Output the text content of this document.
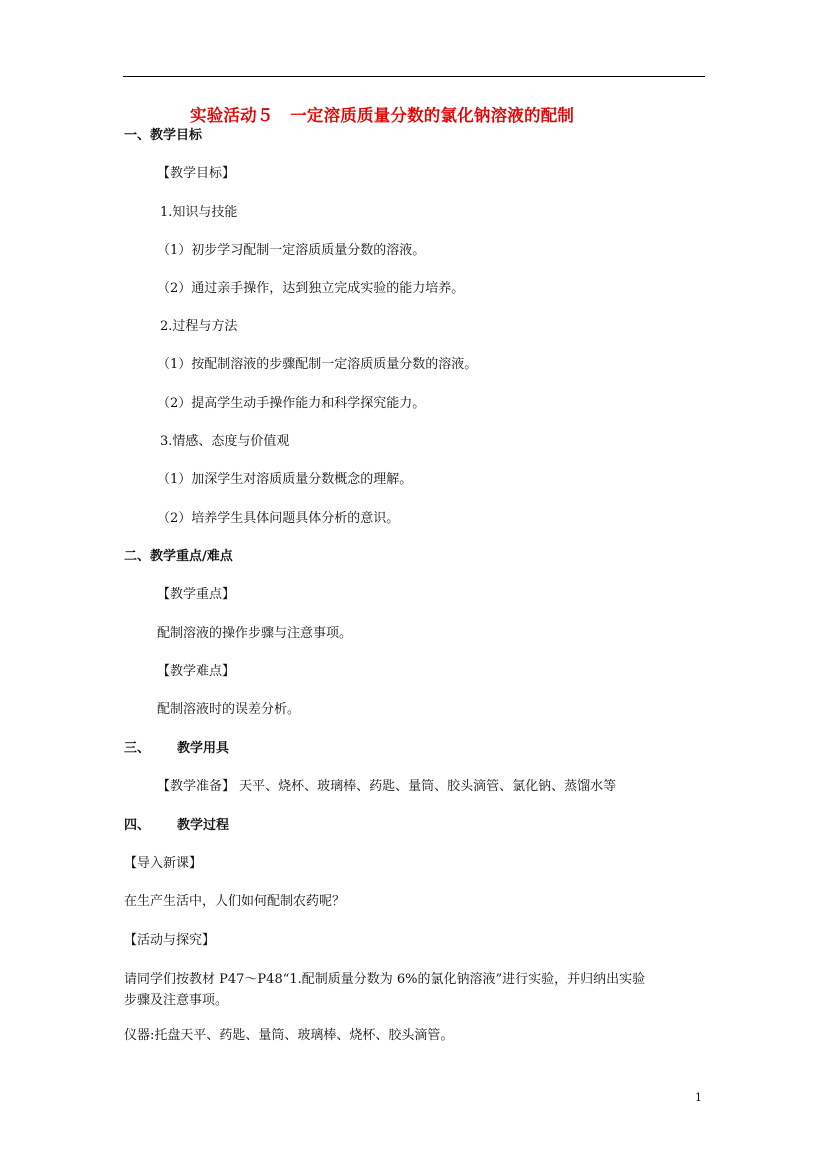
实验活动５　一定溶质质量分数的氯化钠溶液的配制
一、教学目标
【教学目标】
1.知识与技能
（1）初步学习配制一定溶质质量分数的溶液。
（2）通过亲手操作，达到独立完成实验的能力培养。
2.过程与方法
（1）按配制溶液的步骤配制一定溶质质量分数的溶液。
（2）提高学生动手操作能力和科学探究能力。
3.情感、态度与价值观
（1）加深学生对溶质质量分数概念的理解。
（2）培养学生具体问题具体分析的意识。
二、教学重点/难点
【教学重点】
配制溶液的操作步骤与注意事项。
【教学难点】
配制溶液时的误差分析。
三、 教学用具
【教学准备】 天平、烧杯、玻璃棒、药匙、量筒、胶头滴管、氯化钠、蒸馏水等
四、 教学过程
【导入新课】
在生产生活中，人们如何配制农药呢？
【活动与探究】
请同学们按教材 P47～P48“1.配制质量分数为 6%的氯化钠溶液”进行实验，并归纳出实验
步骤及注意事项。
仪器:托盘天平、药匙、量筒、玻璃棒、烧杯、胶头滴管。
1
